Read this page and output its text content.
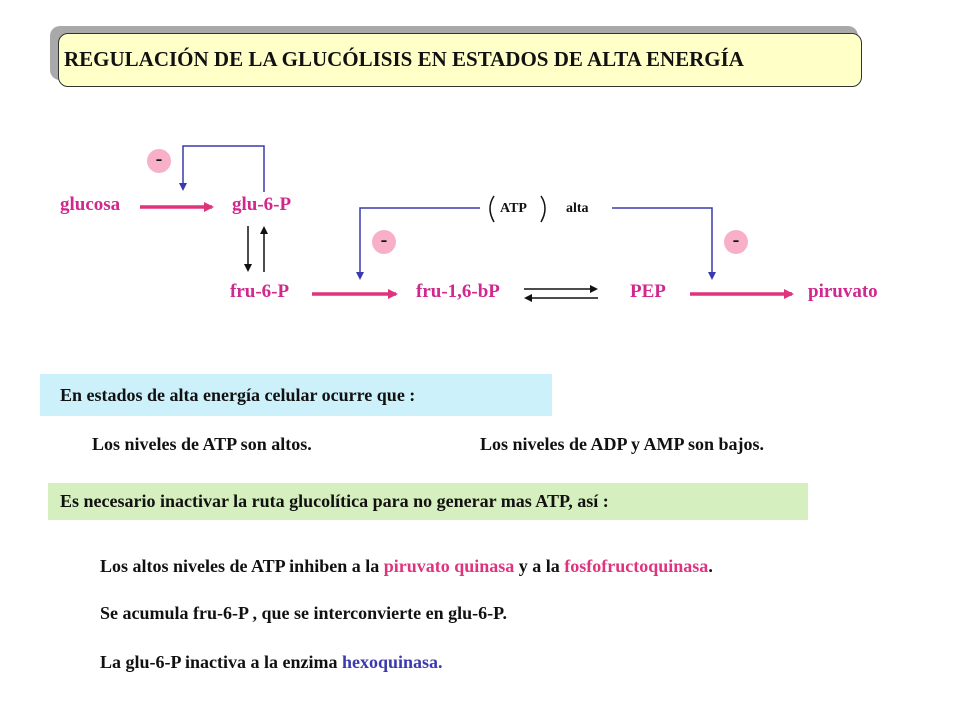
REGULACIÓN DE LA GLUCÓLISIS EN ESTADOS DE ALTA ENERGÍA
glucosa	glu-6-P
fru-6-P	fru-1,6-bP	PEP	piruvato
ATP	alta
-
-	-
En estados de alta energía celular ocurre que :
Los niveles de ATP son altos.	Los niveles de ADP y AMP son bajos.
Es necesario inactivar la ruta glucolítica para no generar mas ATP, así :
Los altos niveles de ATP inhiben a la piruvato quinasa y a la fosfofructoquinasa.
Se acumula fru-6-P , que se interconvierte en glu-6-P.
La glu-6-P inactiva a la enzima hexoquinasa.
